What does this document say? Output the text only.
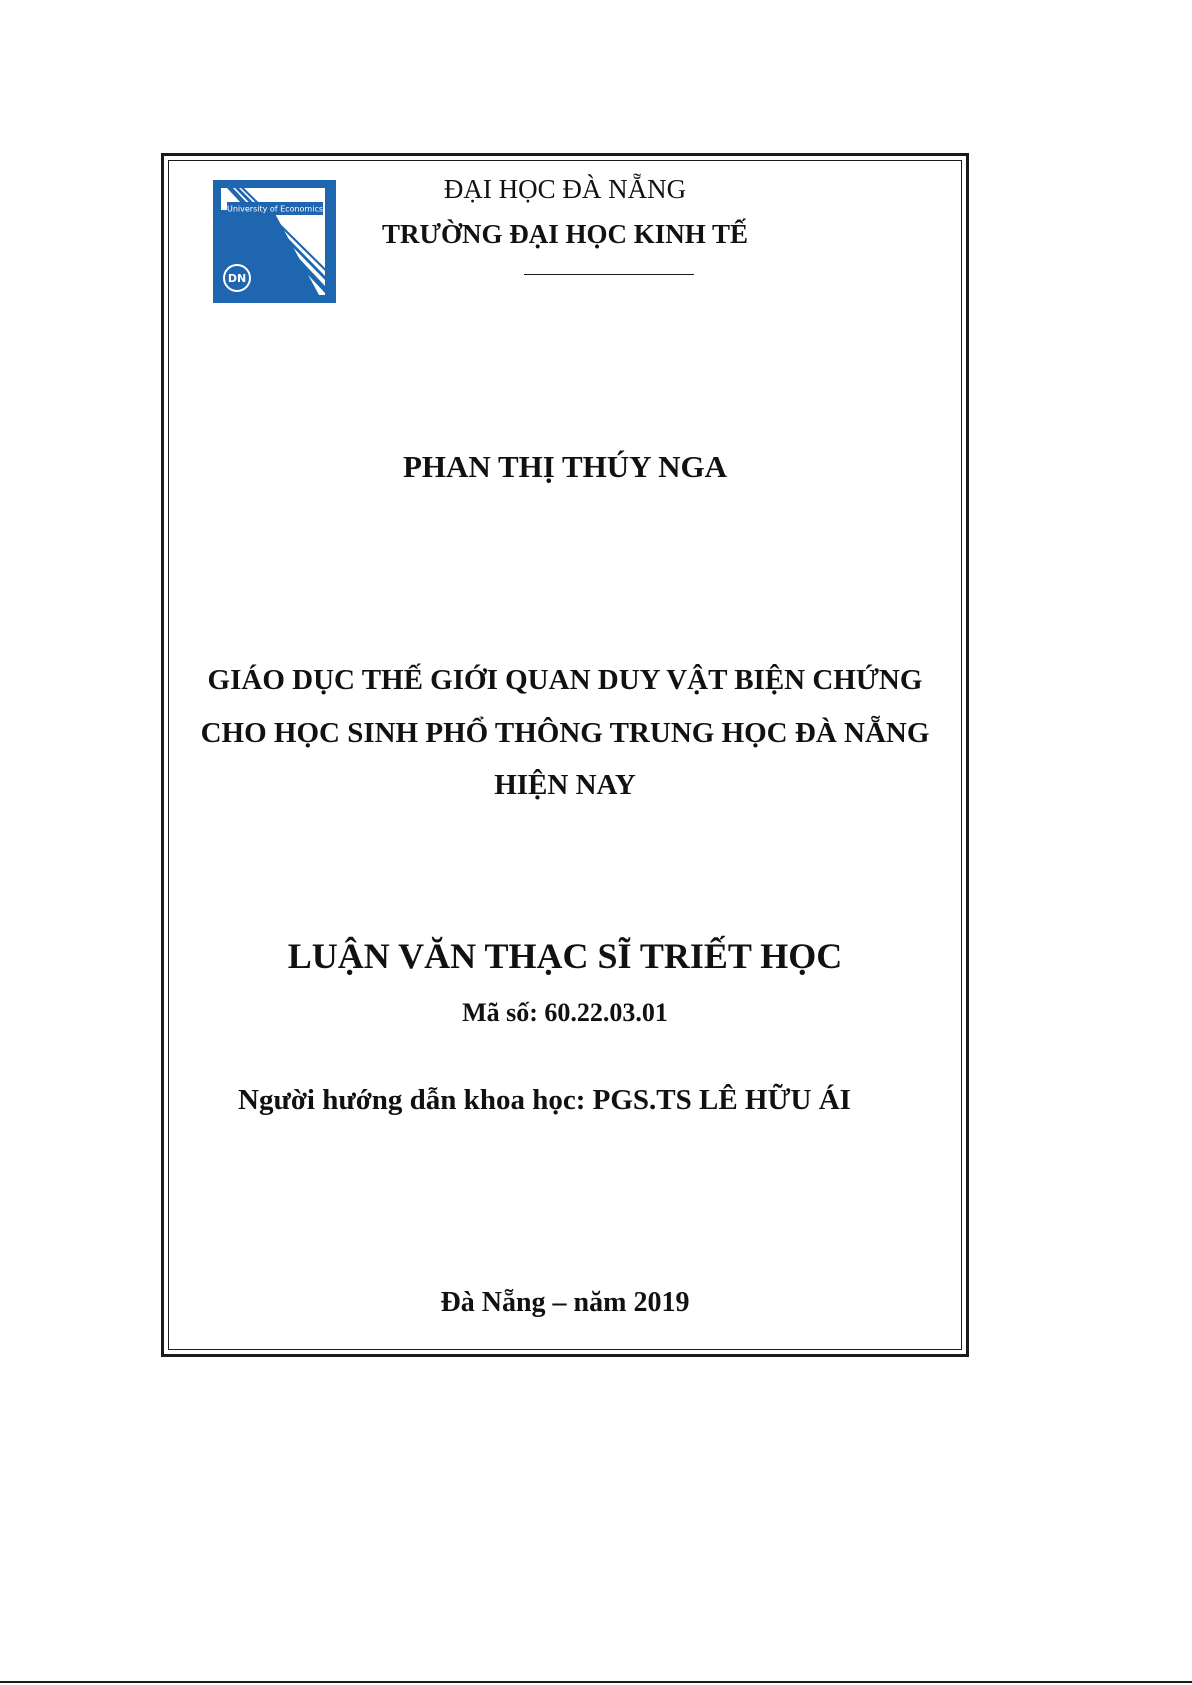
University of Economics
DN
ĐẠI HỌC ĐÀ NẴNG
TRƯỜNG ĐẠI HỌC KINH TẾ
PHAN THỊ THÚY NGA
GIÁO DỤC THẾ GIỚI QUAN DUY VẬT BIỆN CHỨNG
CHO HỌC SINH PHỔ THÔNG TRUNG HỌC ĐÀ NẴNG
HIỆN NAY
LUẬN VĂN THẠC SĨ TRIẾT HỌC
Mã số: 60.22.03.01
Người hướng dẫn khoa học: PGS.TS LÊ HỮU ÁI
Đà Nẵng – năm 2019
